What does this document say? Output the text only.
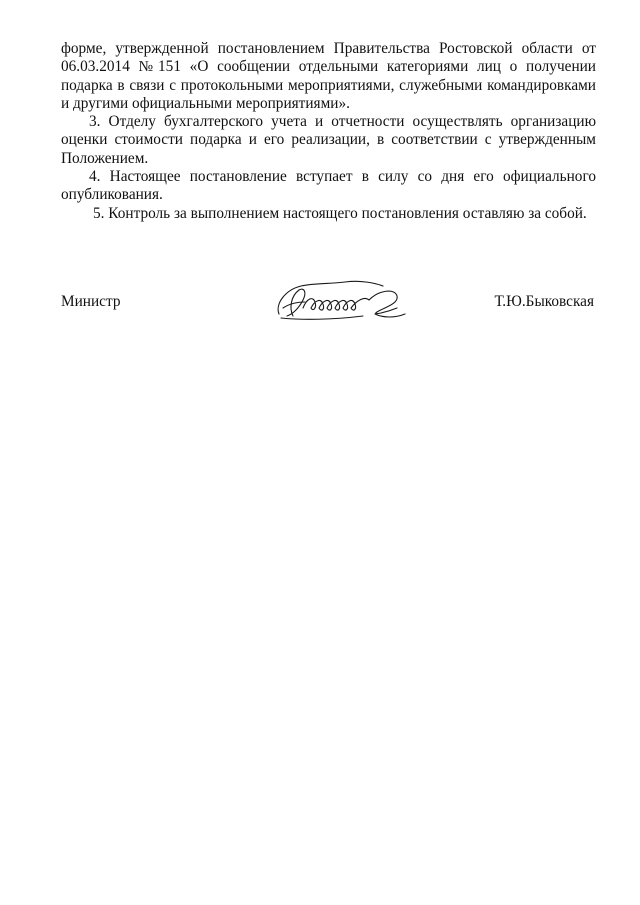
форме, утвержденной постановлением Правительства Ростовской области от
06.03.2014 №151 «О сообщении отдельными категориями лиц о получении
подарка в связи с протокольными мероприятиями, служебными командировками
и другими официальными мероприятиями».
3. Отделу бухгалтерского учета и отчетности осуществлять организацию
оценки стоимости подарка и его реализации, в соответствии с утвержденным
Положением.
4. Настоящее постановление вступает в силу со дня его официального
опубликования.
5. Контроль за выполнением настоящего постановления оставляю за собой.
Министр	Т.Ю.Быковская
